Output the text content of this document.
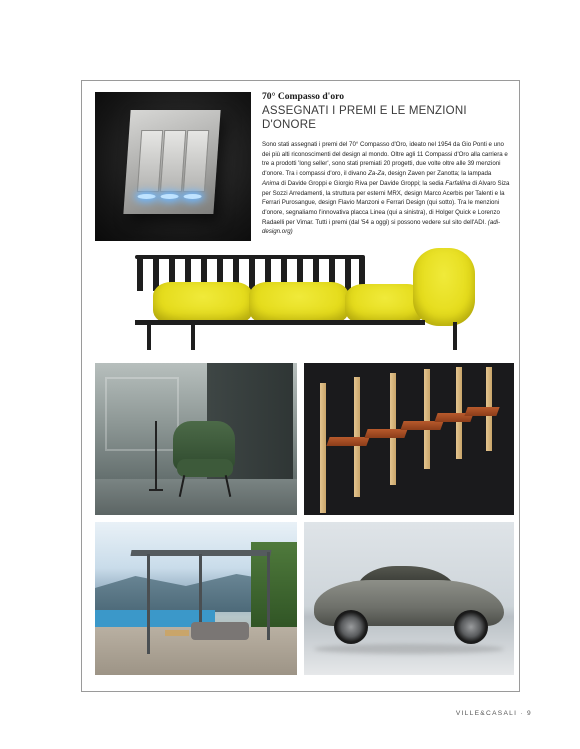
70° Compasso d'oro

ASSEGNATI I PREMI E LE MENZIONI D'ONORE

Sono stati assegnati i premi del 70° Compasso d'Oro, ideato nel 1954 da Gio Ponti e uno dei più alti riconoscimenti del design al mondo. Oltre agli 11 Compassi d'Oro alla carriera e tre a prodotti 'long seller', sono stati premiati 20 progetti, due volte oltre alle 39 menzioni d'onore. Tra i compassi d'oro, il divano Za-Za, design Zaven per Zanotta; la lampada Anima di Davide Groppi e Giorgio Riva per Davide Groppi; la sedia Farfallina di Alvaro Siza per Sozzi Arredamenti, la struttura per esterni MRX, design Marco Acerbis per Talenti e la Ferrari Purosangue, design Flavio Manzoni e Ferrari Design (qui sotto). Tra le menzioni d'onore, segnaliamo l'innovativa placca Linea (qui a sinistra), di Holger Quick e Lorenzo Radaelli per Vimar. Tutti i premi (dal '54 a oggi) si possono vedere sul sito dell'ADI. (adi-design.org)

VILLE&CASALI · 9
